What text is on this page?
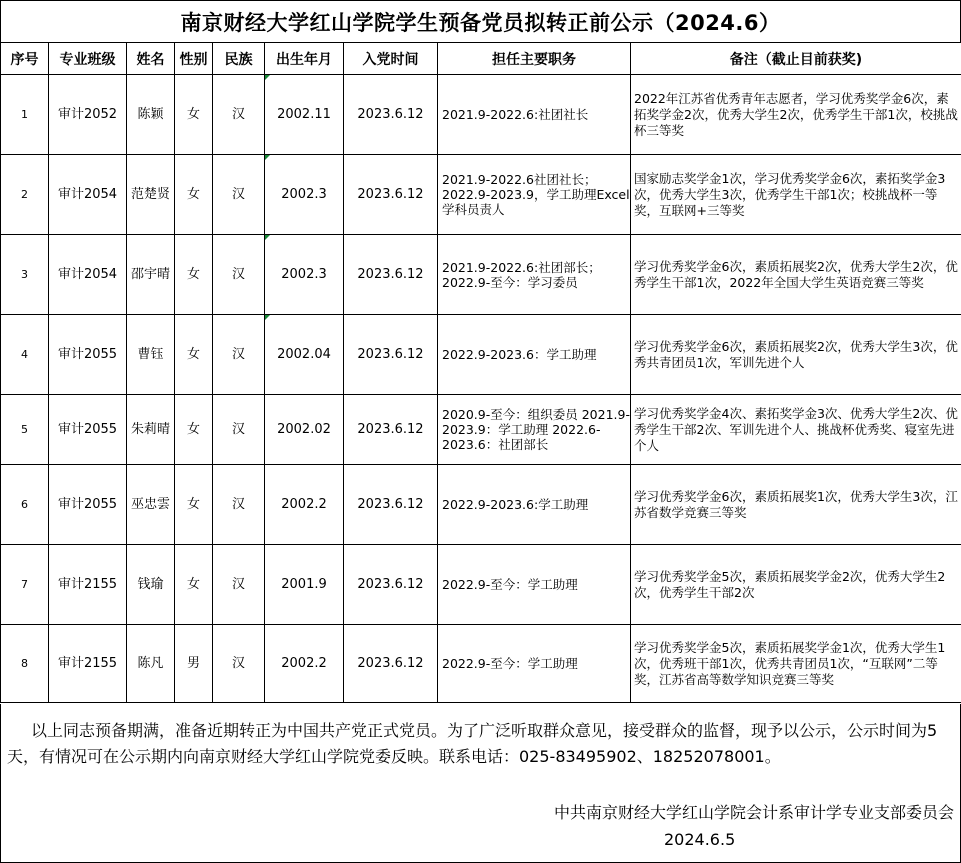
南京财经大学红山学院学生预备党员拟转正前公示（2024.6）
序号	专业班级	姓名	性别	民族	出生年月	入党时间	担任主要职务	备注（截止目前获奖)
1	审计2052	陈颖	女	汉	2002.11	2023.6.12	2021.9-2022.6:社团社长	2022年江苏省优秀青年志愿者，学习优秀奖学金6次，素拓奖学金2次，优秀大学生2次，优秀学生干部1次，校挑战杯三等奖
2	审计2054	范楚贤	女	汉	2002.3	2023.6.12	2021.9-2022.6社团社长；2022.9-2023.9，学工助理Excel学科员责人	国家励志奖学金1次，学习优秀奖学金6次，素拓奖学金3次，优秀大学生3次，优秀学生干部1次；校挑战杯一等奖，互联网+三等奖
3	审计2054	邵宇晴	女	汉	2002.3	2023.6.12	2021.9-2022.6:社团部长；2022.9-至今：学习委员	学习优秀奖学金6次，素质拓展奖2次，优秀大学生2次，优秀学生干部1次，2022年全国大学生英语竞赛三等奖
4	审计2055	曹钰	女	汉	2002.04	2023.6.12	2022.9-2023.6：学工助理	学习优秀奖学金6次，素质拓展奖2次，优秀大学生3次，优秀共青团员1次，军训先进个人
5	审计2055	朱莉晴	女	汉	2002.02	2023.6.12	2020.9-至今：组织委员 2021.9-2023.9：学工助理 2022.6-2023.6：社团部长	学习优秀奖学金4次、素拓奖学金3次、优秀大学生2次、优秀学生干部2次、军训先进个人、挑战杯优秀奖、寝室先进个人
6	审计2055	巫忠雲	女	汉	2002.2	2023.6.12	2022.9-2023.6:学工助理	学习优秀奖学金6次，素质拓展奖1次，优秀大学生3次，江苏省数学竞赛三等奖
7	审计2155	钱瑜	女	汉	2001.9	2023.6.12	2022.9-至今：学工助理	学习优秀奖学金5次，素质拓展奖学金2次，优秀大学生2次，优秀学生干部2次
8	审计2155	陈凡	男	汉	2002.2	2023.6.12	2022.9-至今：学工助理	学习优秀奖学金5次，素质拓展奖学金1次，优秀大学生1次，优秀班干部1次，优秀共青团员1次，“互联网”二等奖，江苏省高等数学知识竞赛三等奖
以上同志预备期满，准备近期转正为中国共产党正式党员。为了广泛听取群众意见，接受群众的监督，现予以公示，公示时间为5天，有情况可在公示期内向南京财经大学红山学院党委反映。联系电话：025-83495902、18252078001。
中共南京财经大学红山学院会计系审计学专业支部委员会
2024.6.5
